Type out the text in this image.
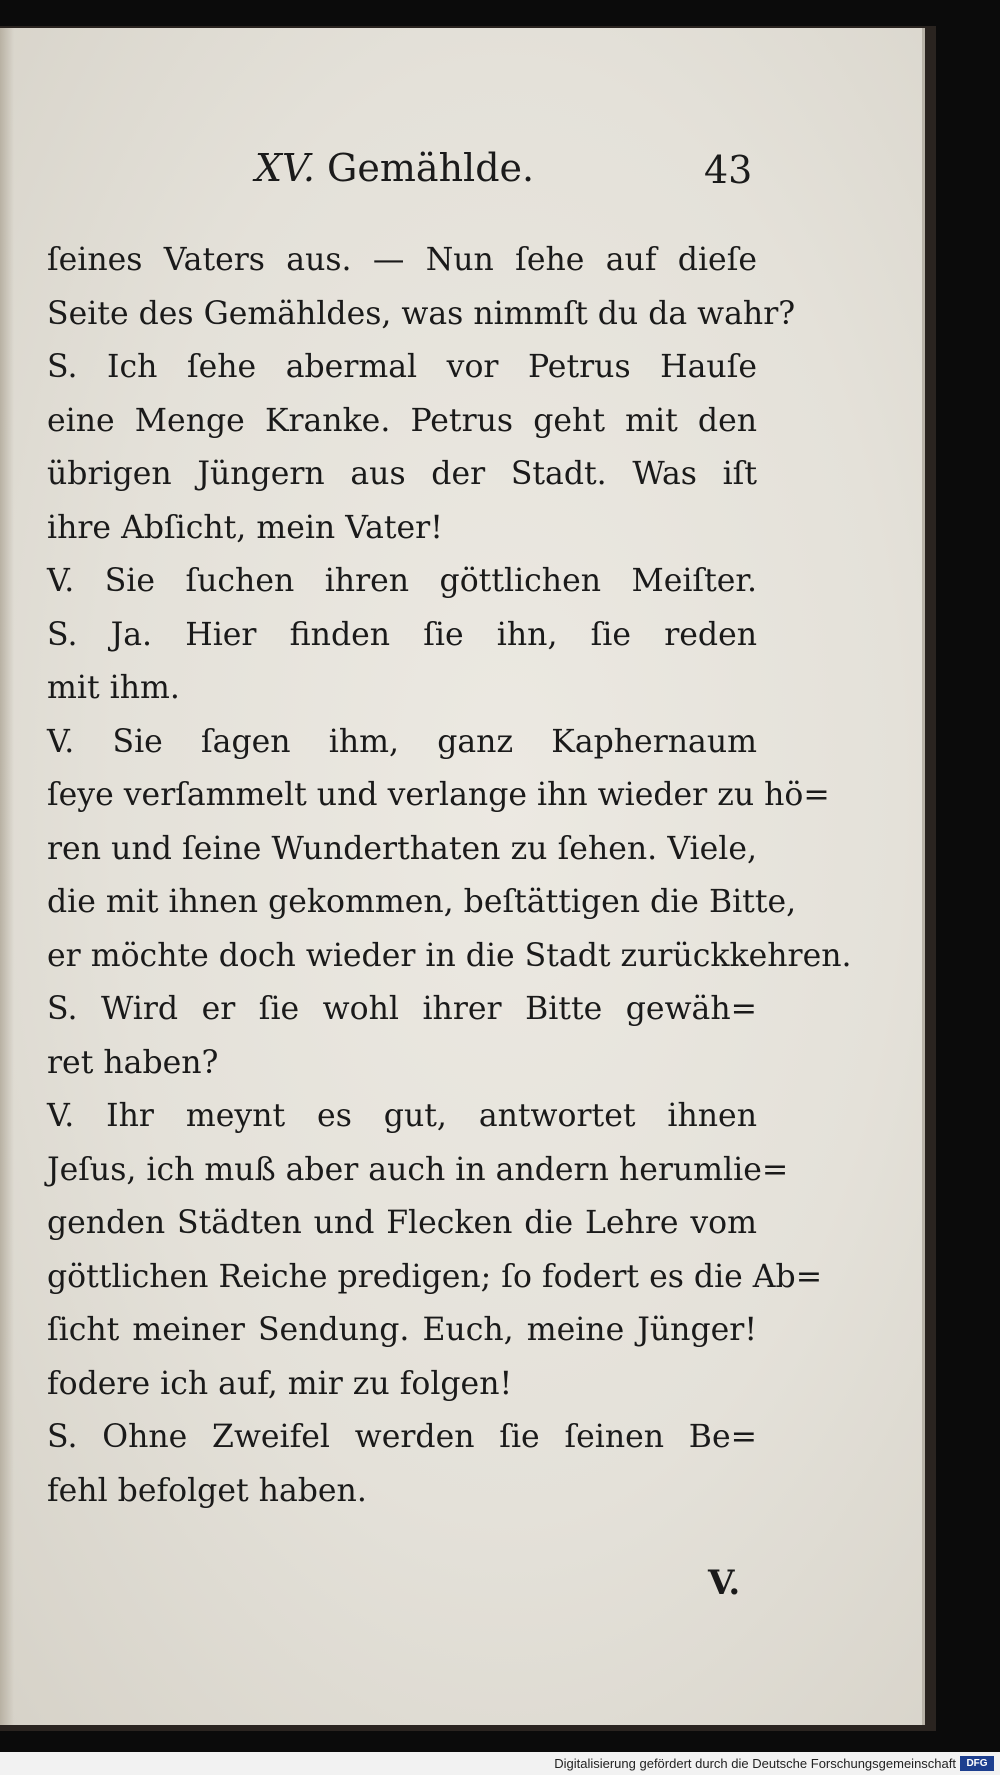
XV. Gemählde.	43
ſeines Vaters aus. — Nun ſehe auf dieſe
Seite des Gemähldes, was nimmſt du da wahr?
S. Ich ſehe abermal vor Petrus Hauſe
eine Menge Kranke. Petrus geht mit den
übrigen Jüngern aus der Stadt. Was iſt
ihre Abſicht, mein Vater!
V. Sie ſuchen ihren göttlichen Meiſter.
S. Ja. Hier finden ſie ihn, ſie reden
mit ihm.
V. Sie ſagen ihm, ganz Kaphernaum
ſeye verſammelt und verlange ihn wieder zu hö=
ren und ſeine Wunderthaten zu ſehen. Viele,
die mit ihnen gekommen, beſtättigen die Bitte,
er möchte doch wieder in die Stadt zurückkehren.
S. Wird er ſie wohl ihrer Bitte gewäh=
ret haben?
V. Ihr meynt es gut, antwortet ihnen
Jeſus, ich muß aber auch in andern herumlie=
genden Städten und Flecken die Lehre vom
göttlichen Reiche predigen; ſo fodert es die Ab=
ſicht meiner Sendung. Euch, meine Jünger!
fodere ich auf, mir zu folgen!
S. Ohne Zweifel werden ſie ſeinen Be=
fehl befolget haben.
V.
Digitalisierung gefördert durch die Deutsche Forschungsgemeinschaft	DFG
